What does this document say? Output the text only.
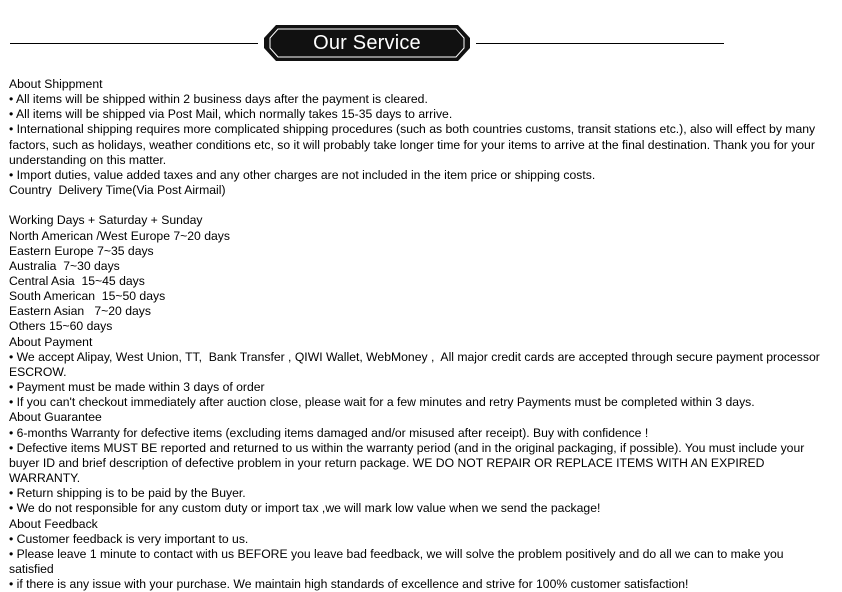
Our Service
About Shippment
• All items will be shipped within 2 business days after the payment is cleared.
• All items will be shipped via Post Mail, which normally takes 15-35 days to arrive.
• International shipping requires more complicated shipping procedures (such as both countries customs, transit stations etc.), also will effect by many factors, such as holidays, weather conditions etc, so it will probably take longer time for your items to arrive at the final destination. Thank you for your understanding on this matter.
• Import duties, value added taxes and any other charges are not included in the item price or shipping costs.
Country  Delivery Time(Via Post Airmail)
Working Days + Saturday + Sunday
North American /West Europe 7~20 days
Eastern Europe 7~35 days
Australia  7~30 days
Central Asia  15~45 days
South American  15~50 days
Eastern Asian   7~20 days
Others 15~60 days
About Payment
• We accept Alipay, West Union, TT,  Bank Transfer , QIWI Wallet, WebMoney ,  All major credit cards are accepted through secure payment processor ESCROW.
• Payment must be made within 3 days of order
• If you can't checkout immediately after auction close, please wait for a few minutes and retry Payments must be completed within 3 days.
About Guarantee
• 6-months Warranty for defective items (excluding items damaged and/or misused after receipt). Buy with confidence !
• Defective items MUST BE reported and returned to us within the warranty period (and in the original packaging, if possible). You must include your buyer ID and brief description of defective problem in your return package. WE DO NOT REPAIR OR REPLACE ITEMS WITH AN EXPIRED WARRANTY.
• Return shipping is to be paid by the Buyer.
• We do not responsible for any custom duty or import tax ,we will mark low value when we send the package!
About Feedback
• Customer feedback is very important to us.
• Please leave 1 minute to contact with us BEFORE you leave bad feedback, we will solve the problem positively and do all we can to make you satisfied
• if there is any issue with your purchase. We maintain high standards of excellence and strive for 100% customer satisfaction!
